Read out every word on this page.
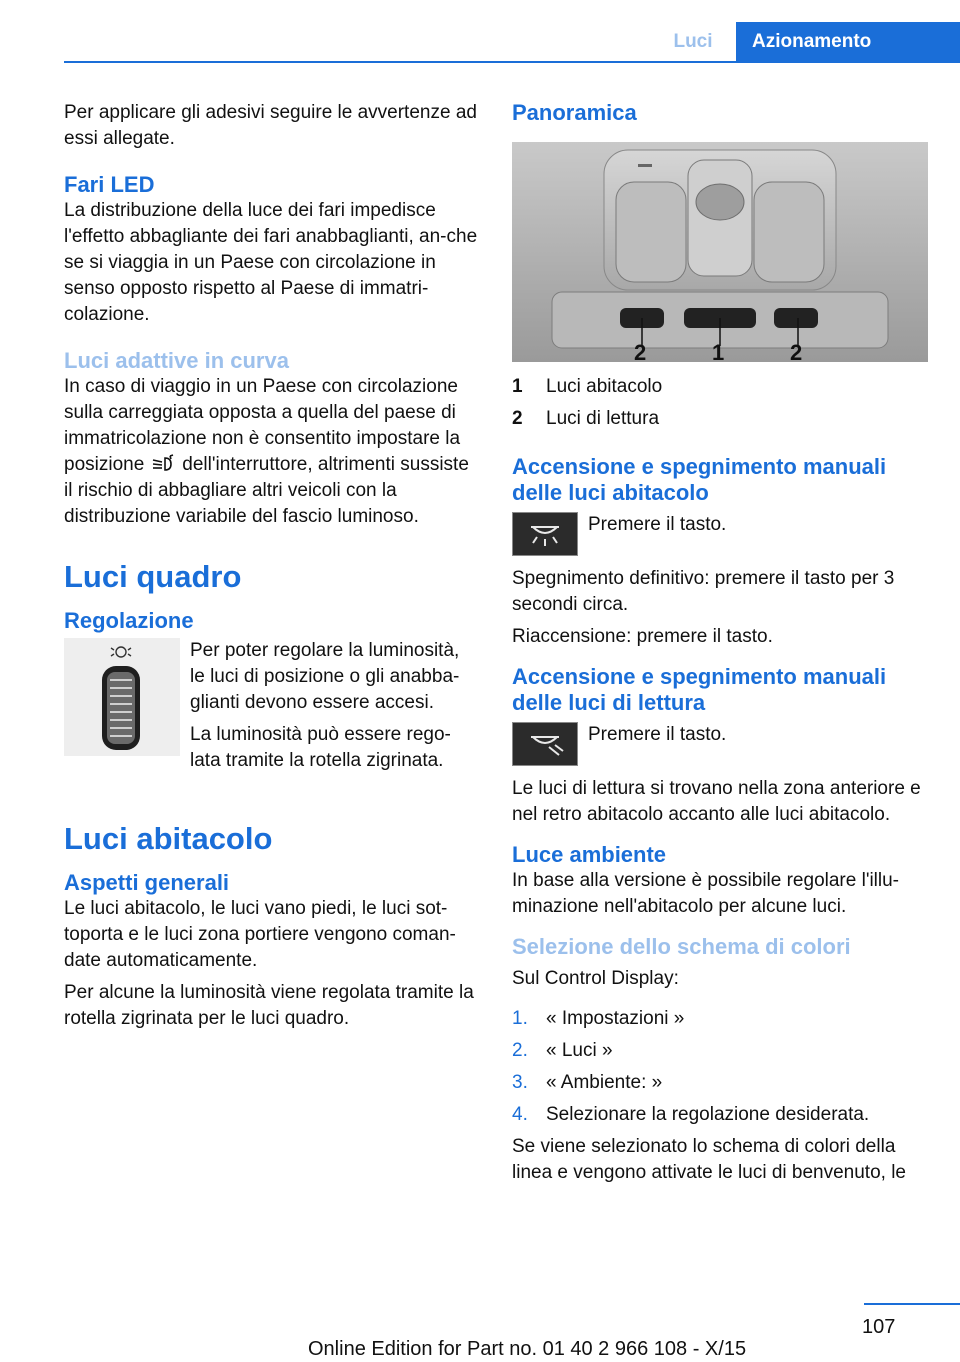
Luci	Azionamento

Per applicare gli adesivi seguire le avvertenze ad essi allegate.

Fari LED

La distribuzione della luce dei fari impedisce l'effetto abbagliante dei fari anabbaglianti, an-che se si viaggia in un Paese con circolazione in senso opposto rispetto al Paese di immatri-colazione.

Luci adattive in curva

In caso di viaggio in un Paese con circolazione sulla carreggiata opposta a quella del paese di immatricolazione non è consentito impostare la posizione dell'interruttore, altrimenti sussiste il rischio di abbagliare altri veicoli con la distribuzione variabile del fascio luminoso.

Luci quadro
Regolazione

Per poter regolare la luminosità, le luci di posizione o gli anabba-glianti devono essere accesi.

La luminosità può essere rego-lata tramite la rotella zigrinata.

Luci abitacolo
Aspetti generali

Le luci abitacolo, le luci vano piedi, le luci sot-toporta e le luci zona portiere vengono coman-date automaticamente.

Per alcune la luminosità viene regolata tramite la rotella zigrinata per le luci quadro.

Panoramica
2	1	2
1	Luci abitacolo
2	Luci di lettura
Accensione e spegnimento manuali delle luci abitacolo

Premere il tasto.

Spegnimento definitivo: premere il tasto per 3 secondi circa.

Riaccensione: premere il tasto.

Accensione e spegnimento manuali delle luci di lettura

Premere il tasto.

Le luci di lettura si trovano nella zona anteriore e nel retro abitacolo accanto alle luci abitacolo.

Luce ambiente

In base alla versione è possibile regolare l'illu-minazione nell'abitacolo per alcune luci.

Selezione dello schema di colori

Sul Control Display:

1. « Impostazioni »
2. « Luci »
3. « Ambiente: »
4. Selezionare la regolazione desiderata.

Se viene selezionato lo schema di colori della linea e vengono attivate le luci di benvenuto, le

107
Online Edition for Part no. 01 40 2 966 108 - X/15
